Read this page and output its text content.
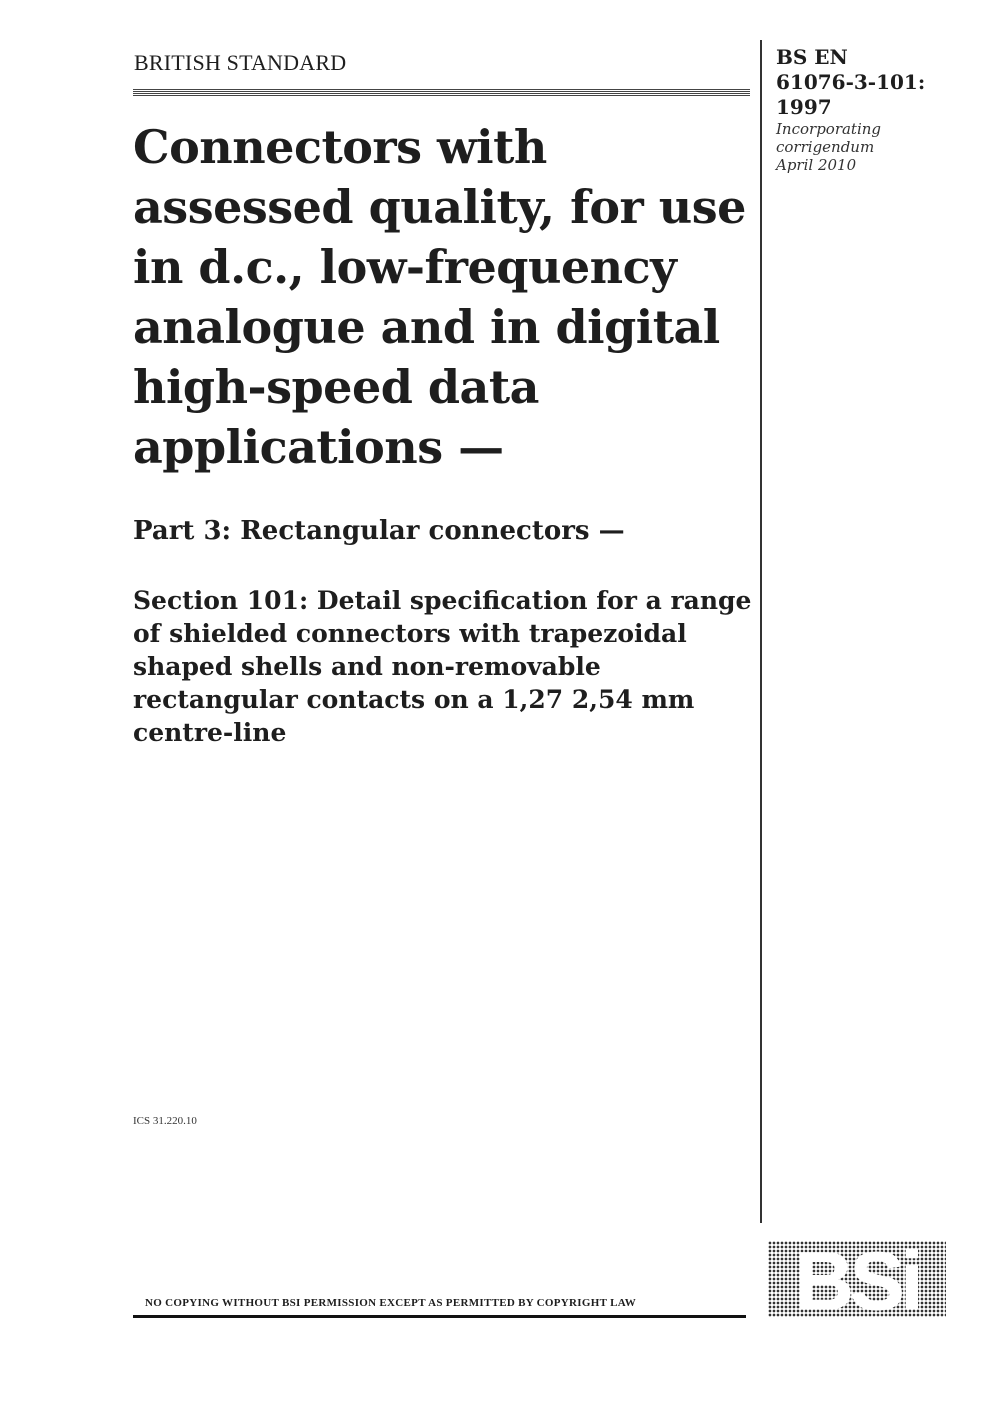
BRITISH STANDARD	BS EN
61076-3-101:
1997
Incorporating
corrigendum
April 2010
Connectors with assessed quality, for use in d.c., low-frequency analogue and in digital high-speed data applications —
Part 3: Rectangular connectors —
Section 101: Detail specification for a range of shielded connectors with trapezoidal shaped shells and non-removable rectangular contacts on a 1,27 2,54 mm centre-line
ICS 31.220.10
NO COPYING WITHOUT BSI PERMISSION EXCEPT AS PERMITTED BY COPYRIGHT LAW BSi
